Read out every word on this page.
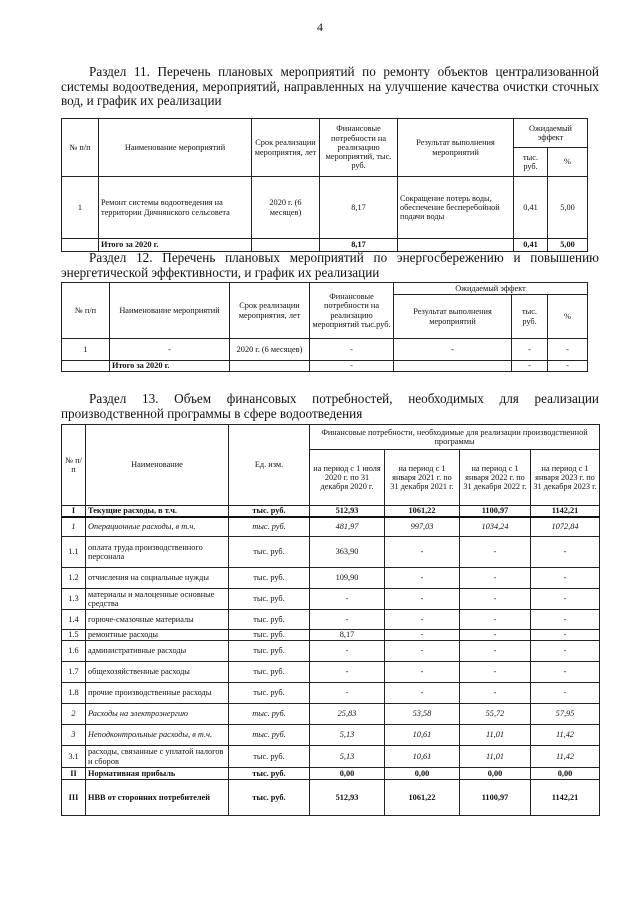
4
Раздел 11. Перечень плановых мероприятий по ремонту объектов централизованной системы водоотведения, мероприятий, направленных на улучшение качества очистки сточных вод, и график их реализации
№ п/п	Наименование мероприятий	Срок реализации мероприятия, лет	Финансовые потребности на реализацию мероприятий, тыс. руб.	Результат выполнения мероприятий	Ожидаемый эффект	
					тыс. руб.	%
1	Ремонт системы водоотведения на территории Дичнянского сельсовета	2020 г. (6 месяцев)	8,17	Сокращение потерь воды, обеспечение бесперебойной подачи воды	0,41	5,00
	Итого за 2020 г.		8,17		0,41	5,00
Раздел 12. Перечень плановых мероприятий по энергосбережению и повышению энергетической эффективности, и график их реализации
№ п/п	Наименование мероприятий	Срок реализации мероприятия, лет	Финансовые потребности на реализацию мероприятий тыс.руб.	Ожидаемый эффект		
				Результат выполнения мероприятий	тыс. руб.	%
1	-	2020 г. (6 месяцев)	-	-	-	-
	Итого за 2020 г.		-		-	-
Раздел 13. Объем финансовых потребностей, необходимых для реализации производственной программы в сфере водоотведения
№ п/п	Наименование	Ед. изм.	Финансовые потребности, необходимые для реализации производственной программы			
			на период с 1 июля 2020 г. по 31 декабря 2020 г.	на период с 1 января 2021 г. по 31 декабря 2021 г.	на период с 1 января 2022 г. по 31 декабря 2022 г.	на период с 1 января 2023 г. по 31 декабря 2023 г.
I	Текущие расходы, в т.ч.	тыс. руб.	512,93	1061,22	1100,97	1142,21
1	Операционные расходы, в т.ч.	тыс. руб.	481,97	997,03	1034,24	1072,84
1.1	оплата труда производственного персонала	тыс. руб.	363,90	-	-	-
1.2	отчисления на социальные нужды	тыс. руб.	109,90	-	-	-
1.3	материалы и малоценные основные средства	тыс. руб.	-	-	-	-
1.4	горюче-смазочные материалы	тыс. руб.	-	-	-	-
1.5	ремонтные расходы	тыс. руб.	8,17	-	-	-
1.6	административные расходы	тыс. руб.	-	-	-	-
1.7	общехозяйственные расходы	тыс. руб.	-	-	-	-
1.8	прочие производственные расходы	тыс. руб.	-	-	-	-
2	Расходы на электроэнергию	тыс. руб.	25,83	53,58	55,72	57,95
3	Неподконтрольные расходы, в т.ч.	тыс. руб.	5,13	10,61	11,01	11,42
3.1	расходы, связанные с уплатой налогов и сборов	тыс. руб.	5,13	10,61	11,01	11,42
II	Нормативная прибыль	тыс. руб.	0,00	0,00	0,00	0,00
III	НВВ от сторонних потребителей	тыс. руб.	512,93	1061,22	1100,97	1142,21
